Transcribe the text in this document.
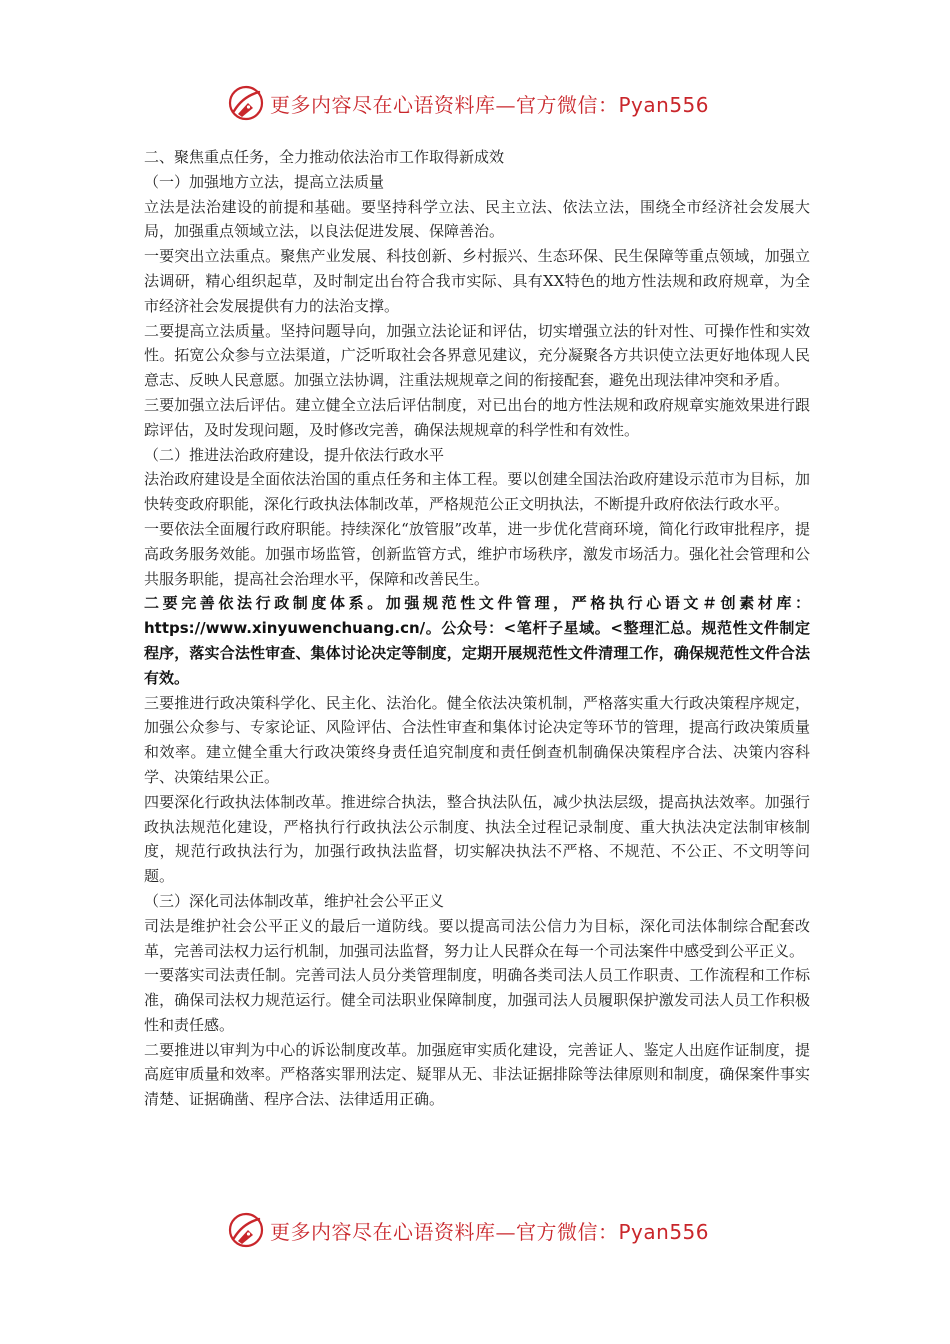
更多内容尽在心语资料库—官方微信：Pyan556

二、聚焦重点任务，全力推动依法治市工作取得新成效

（一）加强地方立法，提高立法质量

立法是法治建设的前提和基础。要坚持科学立法、民主立法、依法立法，围绕全市经济社会发展大局，加强重点领域立法，以良法促进发展、保障善治。

一要突出立法重点。聚焦产业发展、科技创新、乡村振兴、生态环保、民生保障等重点领域，加强立法调研，精心组织起草，及时制定出台符合我市实际、具有XX特色的地方性法规和政府规章，为全市经济社会发展提供有力的法治支撑。

二要提高立法质量。坚持问题导向，加强立法论证和评估，切实增强立法的针对性、可操作性和实效性。拓宽公众参与立法渠道，广泛听取社会各界意见建议，充分凝聚各方共识使立法更好地体现人民意志、反映人民意愿。加强立法协调，注重法规规章之间的衔接配套，避免出现法律冲突和矛盾。

三要加强立法后评估。建立健全立法后评估制度，对已出台的地方性法规和政府规章实施效果进行跟踪评估，及时发现问题，及时修改完善，确保法规规章的科学性和有效性。

（二）推进法治政府建设，提升依法行政水平

法治政府建设是全面依法治国的重点任务和主体工程。要以创建全国法治政府建设示范市为目标，加快转变政府职能，深化行政执法体制改革，严格规范公正文明执法，不断提升政府依法行政水平。

一要依法全面履行政府职能。持续深化“放管服”改革，进一步优化营商环境，简化行政审批程序，提高政务服务效能。加强市场监管，创新监管方式，维护市场秩序，激发市场活力。强化社会管理和公共服务职能，提高社会治理水平，保障和改善民生。

二要完善依法行政制度体系。加强规范性文件管理，严格执行心语文＃创素材库：https://www.xinyuwenchuang.cn/。公众号：<笔杆子星域。<整理汇总。规范性文件制定程序，落实合法性审查、集体讨论决定等制度，定期开展规范性文件清理工作，确保规范性文件合法有效。

三要推进行政决策科学化、民主化、法治化。健全依法决策机制，严格落实重大行政决策程序规定，加强公众参与、专家论证、风险评估、合法性审查和集体讨论决定等环节的管理，提高行政决策质量和效率。建立健全重大行政决策终身责任追究制度和责任倒查机制确保决策程序合法、决策内容科学、决策结果公正。

四要深化行政执法体制改革。推进综合执法，整合执法队伍，减少执法层级，提高执法效率。加强行政执法规范化建设，严格执行行政执法公示制度、执法全过程记录制度、重大执法决定法制审核制度，规范行政执法行为，加强行政执法监督，切实解决执法不严格、不规范、不公正、不文明等问题。

（三）深化司法体制改革，维护社会公平正义

司法是维护社会公平正义的最后一道防线。要以提高司法公信力为目标，深化司法体制综合配套改革，完善司法权力运行机制，加强司法监督，努力让人民群众在每一个司法案件中感受到公平正义。

一要落实司法责任制。完善司法人员分类管理制度，明确各类司法人员工作职责、工作流程和工作标准，确保司法权力规范运行。健全司法职业保障制度，加强司法人员履职保护激发司法人员工作积极性和责任感。

二要推进以审判为中心的诉讼制度改革。加强庭审实质化建设，完善证人、鉴定人出庭作证制度，提高庭审质量和效率。严格落实罪刑法定、疑罪从无、非法证据排除等法律原则和制度，确保案件事实清楚、证据确凿、程序合法、法律适用正确。

更多内容尽在心语资料库—官方微信：Pyan556
